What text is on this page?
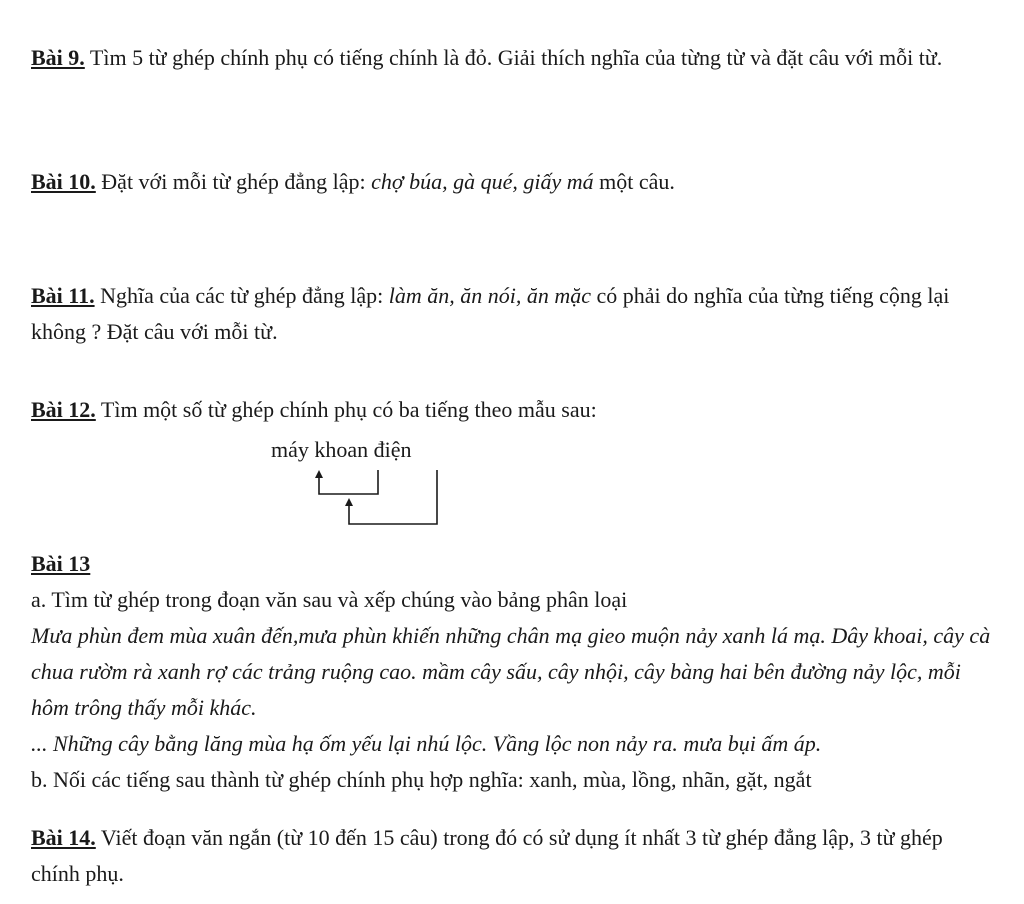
Bài 9. Tìm 5 từ ghép chính phụ có tiếng chính là đỏ. Giải thích nghĩa của từng từ và đặt câu với mỗi từ.

Bài 10. Đặt với mỗi từ ghép đẳng lập: chợ búa, gà qué, giấy má một câu.

Bài 11. Nghĩa của các từ ghép đẳng lập: làm ăn, ăn nói, ăn mặc có phải do nghĩa của từng tiếng cộng lại không ? Đặt câu với mỗi từ.

Bài 12. Tìm một số từ ghép chính phụ có ba tiếng theo mẫu sau:

máy khoan điện

Bài 13

a. Tìm từ ghép trong đoạn văn sau và xếp chúng vào bảng phân loại

Mưa phùn đem mùa xuân đến,mưa phùn khiến những chân mạ gieo muộn nảy xanh lá mạ. Dây khoai, cây cà chua rườm rà xanh rợ các trảng ruộng cao. mầm cây sấu, cây nhội, cây bàng hai bên đường nảy lộc, mỗi hôm trông thấy mỗi khác.

... Những cây bằng lăng mùa hạ ốm yếu lại nhú lộc. Vầng lộc non nảy ra. mưa bụi ấm áp.

b. Nối các tiếng sau thành từ ghép chính phụ hợp nghĩa: xanh, mùa, lồng, nhãn, gặt, ngắt

Bài 14. Viết đoạn văn ngắn (từ 10 đến 15 câu) trong đó có sử dụng ít nhất 3 từ ghép đẳng lập, 3 từ ghép chính phụ.
